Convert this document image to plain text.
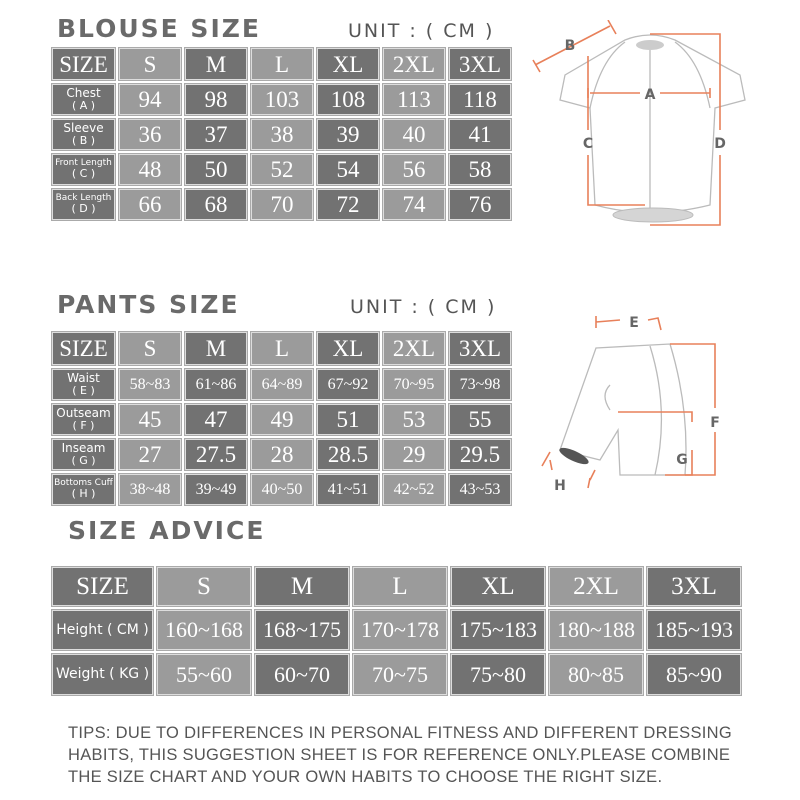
BLOUSE SIZE	UNIT : ( CM )
SIZE	S	M	L	XL	2XL	3XL
Chest
( A )	94	98	103	108	113	118
Sleeve
( B )	36	37	38	39	40	41
Front Length
( C )	48	50	52	54	56	58
Back Length
( D )	66	68	70	72	74	76
PANTS SIZE	UNIT : ( CM )
SIZE	S	M	L	XL	2XL	3XL
Waist
( E )	58~83	61~86	64~89	67~92	70~95	73~98
Outseam
( F )	45	47	49	51	53	55
Inseam
( G )	27	27.5	28	28.5	29	29.5
Bottoms Cuff
( H )	38~48	39~49	40~50	41~51	42~52	43~53
SIZE ADVICE
SIZE	S	M	L	XL	2XL	3XL
Height ( CM ) 160~168 168~175 170~178 175~183 180~188 185~193
Weight ( KG )	55~60	60~70	70~75	75~80	80~85	85~90
TIPS: DUE TO DIFFERENCES IN PERSONAL FITNESS AND DIFFERENT DRESSING HABITS, THIS SUGGESTION SHEET IS FOR REFERENCE ONLY.PLEASE COMBINE THE SIZE CHART AND YOUR OWN HABITS TO CHOOSE THE RIGHT SIZE.
B
A
C	D
E
F
G
H
